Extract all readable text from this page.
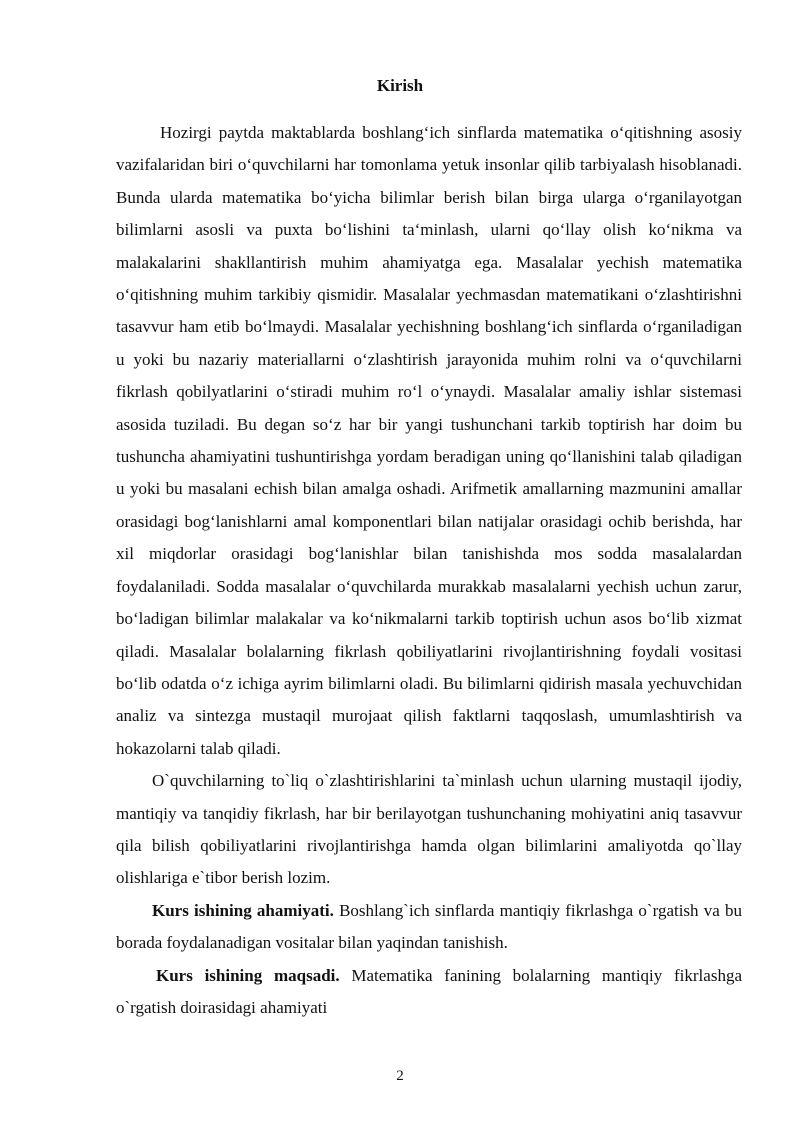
Kirish

Hozirgi paytda maktablarda boshlang‘ich sinflarda matematika o‘qitishning asosiy vazifalaridan biri o‘quvchilarni har tomonlama yetuk insonlar qilib tarbiyalash hisoblanadi. Bunda ularda matematika bo‘yicha bilimlar berish bilan birga ularga o‘rganilayotgan bilimlarni asosli va puxta bo‘lishini ta‘minlash, ularni qo‘llay olish ko‘nikma va malakalarini shakllantirish muhim ahamiyatga ega. Masalalar yechish matematika o‘qitishning muhim tarkibiy qismidir. Masalalar yechmasdan matematikani o‘zlashtirishni tasavvur ham etib bo‘lmaydi. Masalalar yechishning boshlang‘ich sinflarda o‘rganiladigan u yoki bu nazariy materiallarni o‘zlashtirish jarayonida muhim rolni va o‘quvchilarni fikrlash qobilyatlarini o‘stiradi muhim ro‘l o‘ynaydi. Masalalar amaliy ishlar sistemasi asosida tuziladi. Bu degan so‘z har bir yangi tushunchani tarkib toptirish har doim bu tushuncha ahamiyatini tushuntirishga yordam beradigan uning qo‘llanishini talab qiladigan u yoki bu masalani echish bilan amalga oshadi. Arifmetik amallarning mazmunini amallar orasidagi bog‘lanishlarni amal komponentlari bilan natijalar orasidagi ochib berishda, har xil miqdorlar orasidagi bog‘lanishlar bilan tanishishda mos sodda masalalardan foydalaniladi. Sodda masalalar o‘quvchilarda murakkab masalalarni yechish uchun zarur, bo‘ladigan bilimlar malakalar va ko‘nikmalarni tarkib toptirish uchun asos bo‘lib xizmat qiladi. Masalalar bolalarning fikrlash qobiliyatlarini rivojlantirishning foydali vositasi bo‘lib odatda o‘z ichiga ayrim bilimlarni oladi. Bu bilimlarni qidirish masala yechuvchidan analiz va sintezga mustaqil murojaat qilish faktlarni taqqoslash, umumlashtirish va hokazolarni talab qiladi.

O`quvchilarning to`liq o`zlashtirishlarini ta`minlash uchun ularning mustaqil ijodiy, mantiqiy va tanqidiy fikrlash, har bir berilayotgan tushunchaning mohiyatini aniq tasavvur qila bilish qobiliyatlarini rivojlantirishga hamda olgan bilimlarini amaliyotda qo`llay olishlariga e`tibor berish lozim.

Kurs ishining ahamiyati. Boshlang`ich sinflarda mantiqiy fikrlashga o`rgatish va bu borada foydalanadigan vositalar bilan yaqindan tanishish.

Kurs ishining maqsadi. Matematika fanining bolalarning mantiqiy fikrlashga o`rgatish doirasidagi ahamiyati

2
